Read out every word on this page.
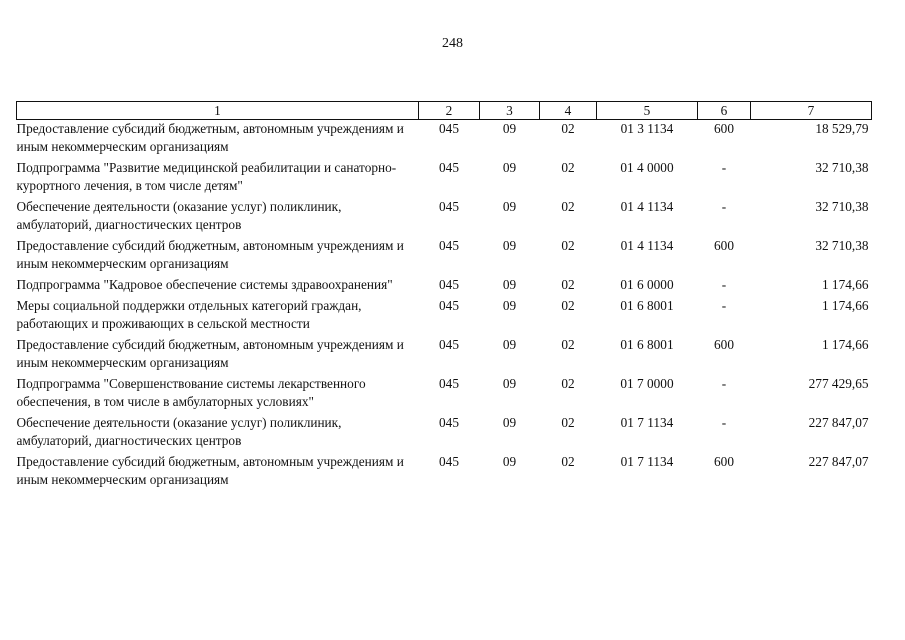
248
1	2	3	4	5	6	7
Предоставление субсидий бюджетным, автономным учреждениям и иным некоммерческим организациям	045	09	02	01 3 1134	600	18 529,79
Подпрограмма "Развитие медицинской реабилитации и санаторно-курортного лечения, в том числе детям"	045	09	02	01 4 0000	-	32 710,38
Обеспечение деятельности (оказание услуг) поликлиник, амбулаторий, диагностических центров	045	09	02	01 4 1134	-	32 710,38
Предоставление субсидий бюджетным, автономным учреждениям и иным некоммерческим организациям	045	09	02	01 4 1134	600	32 710,38
Подпрограмма "Кадровое обеспечение системы здравоохранения"	045	09	02	01 6 0000	-	1 174,66
Меры социальной поддержки отдельных категорий граждан, работающих и проживающих в сельской местности	045	09	02	01 6 8001	-	1 174,66
Предоставление субсидий бюджетным, автономным учреждениям и иным некоммерческим организациям	045	09	02	01 6 8001	600	1 174,66
Подпрограмма "Совершенствование системы лекарственного обеспечения, в том числе в амбулаторных условиях"	045	09	02	01 7 0000	-	277 429,65
Обеспечение деятельности (оказание услуг) поликлиник, амбулаторий, диагностических центров	045	09	02	01 7 1134	-	227 847,07
Предоставление субсидий бюджетным, автономным учреждениям и иным некоммерческим организациям	045	09	02	01 7 1134	600	227 847,07
